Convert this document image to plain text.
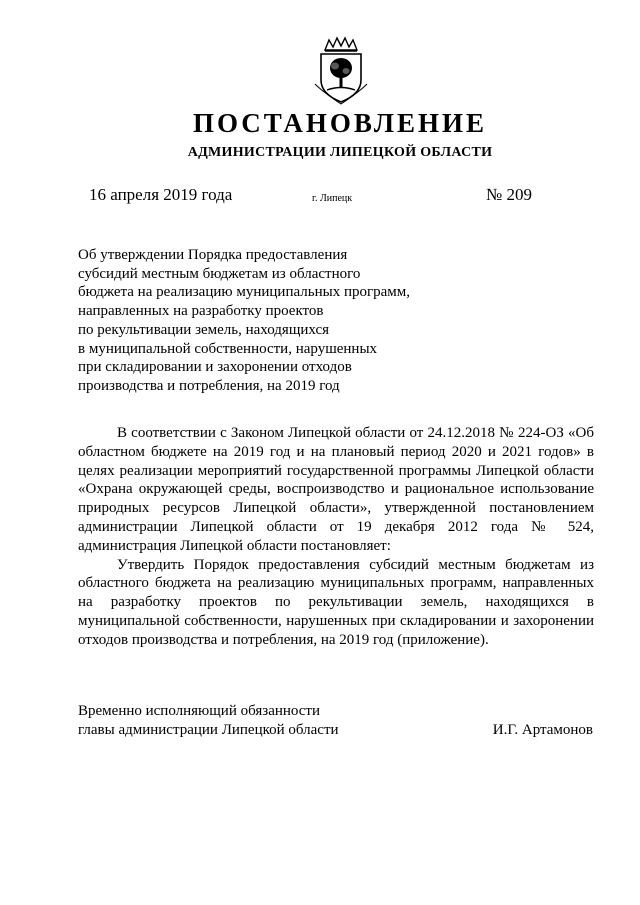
ПОСТАНОВЛЕНИЕ
АДМИНИСТРАЦИИ ЛИПЕЦКОЙ ОБЛАСТИ
16 апреля 2019 года	г. Липецк	№ 209
Об утверждении Порядка предоставления
субсидий местным бюджетам из областного
бюджета на реализацию муниципальных программ,
направленных на разработку проектов
по рекультивации земель, находящихся
в муниципальной собственности, нарушенных
при складировании и захоронении отходов
производства и потребления, на 2019 год

В соответствии с Законом Липецкой области от 24.12.2018 № 224-ОЗ «Об областном бюджете на 2019 год и на плановый период 2020 и 2021 годов» в целях реализации мероприятий государственной программы Липецкой области «Охрана окружающей среды, воспроизводство и рациональное использование природных ресурсов Липецкой области», утвержденной постановлением администрации Липецкой области от 19 декабря 2012 года № 524, администрация Липецкой области постановляет:

Утвердить Порядок предоставления субсидий местным бюджетам из областного бюджета на реализацию муниципальных программ, направленных на разработку проектов по рекультивации земель, находящихся в муниципальной собственности, нарушенных при складировании и захоронении отходов производства и потребления, на 2019 год (приложение).

Временно исполняющий обязанности
главы администрации Липецкой области	И.Г. Артамонов
